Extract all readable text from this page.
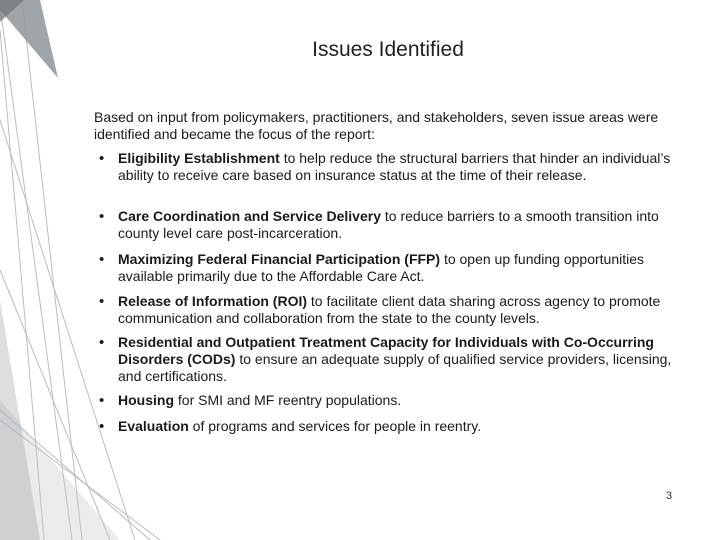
Issues Identified
Based on input from policymakers, practitioners, and stakeholders, seven issue areas were identified and became the focus of the report:
• Eligibility Establishment to help reduce the structural barriers that hinder an individual’s ability to receive care based on insurance status at the time of their release.
• Care Coordination and Service Delivery to reduce barriers to a smooth transition into county level care post-incarceration.
• Maximizing Federal Financial Participation (FFP) to open up funding opportunities available primarily due to the Affordable Care Act.
• Release of Information (ROI) to facilitate client data sharing across agency to promote communication and collaboration from the state to the county levels.
• Residential and Outpatient Treatment Capacity for Individuals with Co-Occurring Disorders (CODs) to ensure an adequate supply of qualified service providers, licensing, and certifications.
• Housing for SMI and MF reentry populations.
• Evaluation of programs and services for people in reentry.
3
